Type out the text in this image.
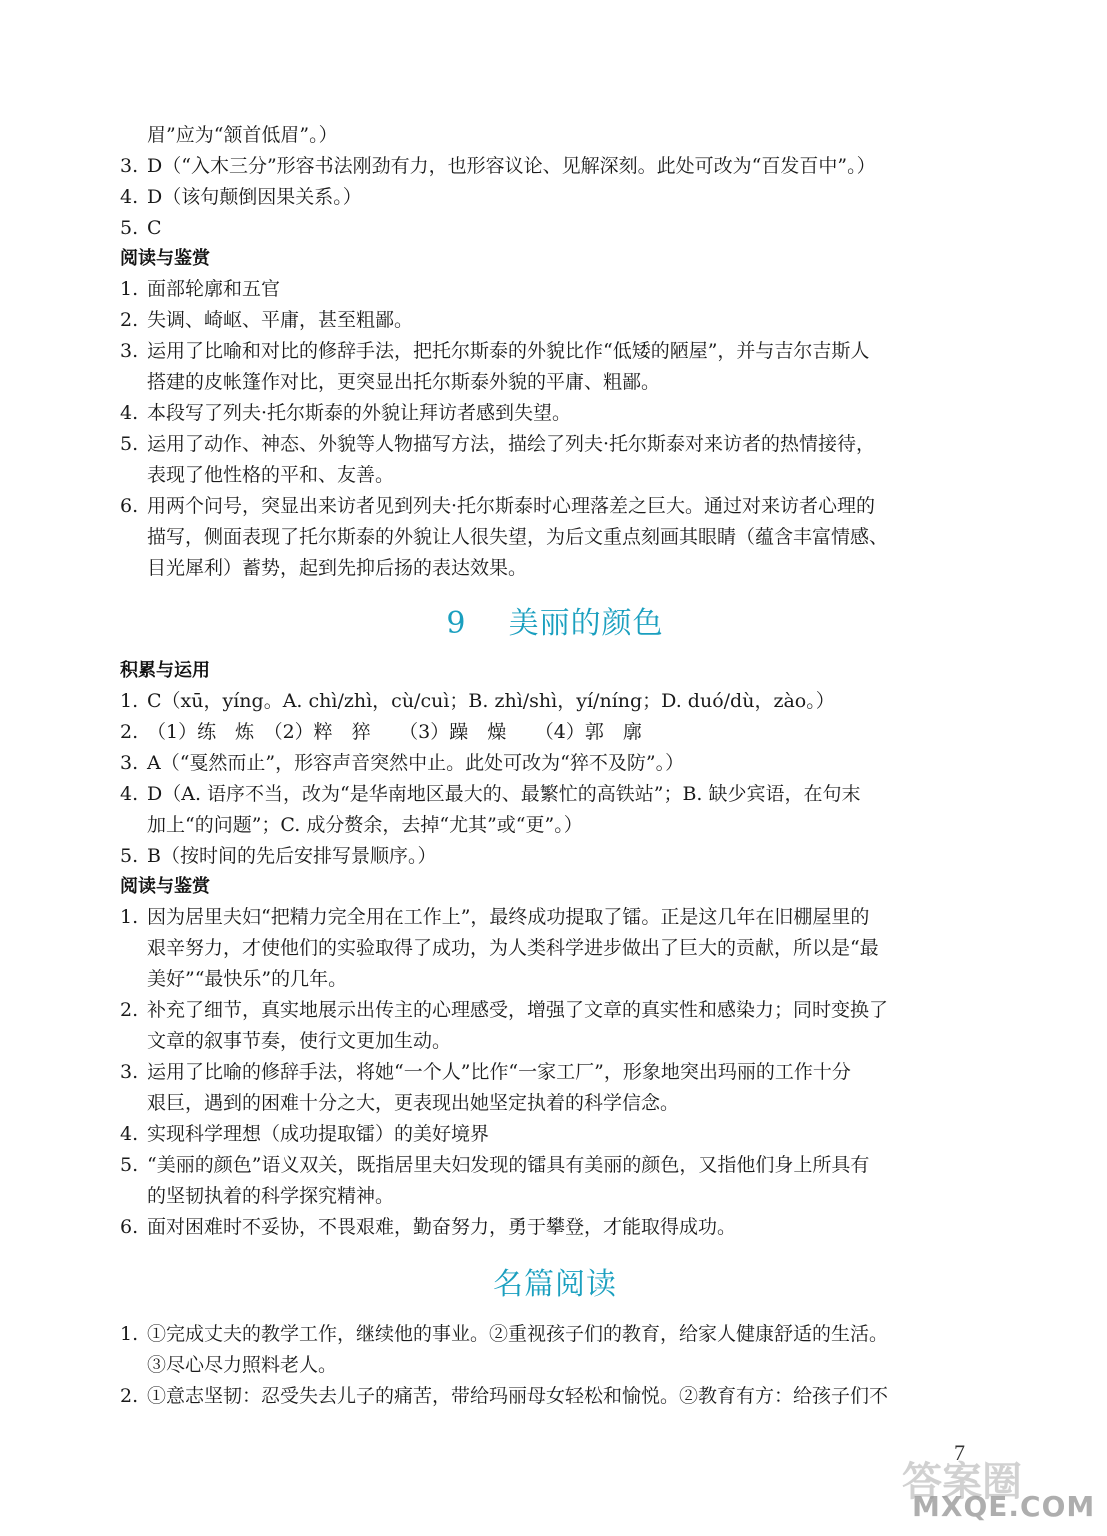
眉”应为“颔首低眉”。）
3. D（“入木三分”形容书法刚劲有力，也形容议论、见解深刻。此处可改为“百发百中”。）
4. D（该句颠倒因果关系。）
5. C
阅读与鉴赏
1. 面部轮廓和五官
2. 失调、崎岖、平庸，甚至粗鄙。
3. 运用了比喻和对比的修辞手法，把托尔斯泰的外貌比作“低矮的陋屋”，并与吉尔吉斯人
搭建的皮帐篷作对比，更突显出托尔斯泰外貌的平庸、粗鄙。
4. 本段写了列夫·托尔斯泰的外貌让拜访者感到失望。
5. 运用了动作、神态、外貌等人物描写方法，描绘了列夫·托尔斯泰对来访者的热情接待，
表现了他性格的平和、友善。
6. 用两个问号，突显出来访者见到列夫·托尔斯泰时心理落差之巨大。通过对来访者心理的
描写，侧面表现了托尔斯泰的外貌让人很失望，为后文重点刻画其眼睛（蕴含丰富情感、
目光犀利）蓄势，起到先抑后扬的表达效果。
9 美丽的颜色
积累与运用
1. C（xū，yíng。A. chì/zhì，cù/cuì；B. zhì/shì，yí/níng；D. duó/dù，zào。）
2. （1）练　炼　（2）粹　猝　　（3）躁　燥　　（4）郭　廓
3. A（“戛然而止”，形容声音突然中止。此处可改为“猝不及防”。）
4. D（A. 语序不当，改为“是华南地区最大的、最繁忙的高铁站”；B. 缺少宾语，在句末
加上“的问题”；C. 成分赘余，去掉“尤其”或“更”。）
5. B（按时间的先后安排写景顺序。）
阅读与鉴赏
1. 因为居里夫妇“把精力完全用在工作上”，最终成功提取了镭。正是这几年在旧棚屋里的
艰辛努力，才使他们的实验取得了成功，为人类科学进步做出了巨大的贡献，所以是“最
美好”“最快乐”的几年。
2. 补充了细节，真实地展示出传主的心理感受，增强了文章的真实性和感染力；同时变换了
文章的叙事节奏，使行文更加生动。
3. 运用了比喻的修辞手法，将她“一个人”比作“一家工厂”，形象地突出玛丽的工作十分
艰巨，遇到的困难十分之大，更表现出她坚定执着的科学信念。
4. 实现科学理想（成功提取镭）的美好境界
5. “美丽的颜色”语义双关，既指居里夫妇发现的镭具有美丽的颜色，又指他们身上所具有
的坚韧执着的科学探究精神。
6. 面对困难时不妥协，不畏艰难，勤奋努力，勇于攀登，才能取得成功。
名篇阅读
1. ①完成丈夫的教学工作，继续他的事业。②重视孩子们的教育，给家人健康舒适的生活。
③尽心尽力照料老人。
2. ①意志坚韧：忍受失去儿子的痛苦，带给玛丽母女轻松和愉悦。②教育有方：给孩子们不
7
答案圈
MXQE.COM
